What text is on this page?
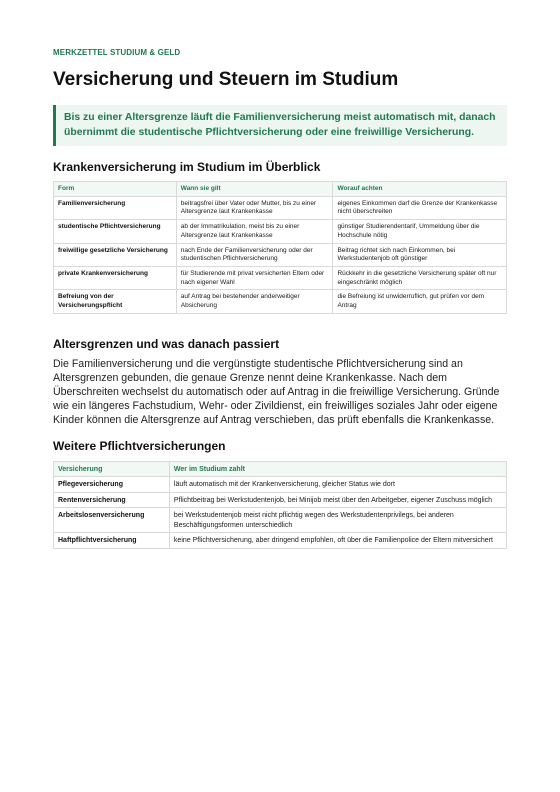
MERKZETTEL STUDIUM & GELD

Versicherung und Steuern im Studium

Bis zu einer Altersgrenze läuft die Familienversicherung meist automatisch mit, danach übernimmt die studentische Pflichtversicherung oder eine freiwillige Versicherung.

Krankenversicherung im Studium im Überblick
Form	Wann sie gilt	Worauf achten
Familienversicherung	beitragsfrei über Vater oder Mutter, bis zu einer Altersgrenze laut Krankenkasse	eigenes Einkommen darf die Grenze der Krankenkasse nicht überschreiten
studentische Pflichtversicherung	ab der Immatrikulation, meist bis zu einer Altersgrenze laut Krankenkasse	günstiger Studierendentarif, Ummeldung über die Hochschule nötig
freiwillige gesetzliche Versicherung	nach Ende der Familienversicherung oder der studentischen Pflichtversicherung	Beitrag richtet sich nach Einkommen, bei Werkstudentenjob oft günstiger
private Krankenversicherung	für Studierende mit privat versicherten Eltern oder nach eigener Wahl	Rückkehr in die gesetzliche Versicherung später oft nur eingeschränkt möglich
Befreiung von der Versicherungspflicht	auf Antrag bei bestehender anderweitiger Absicherung	die Befreiung ist unwiderruflich, gut prüfen vor dem Antrag
Altersgrenzen und was danach passiert

Die Familienversicherung und die vergünstigte studentische Pflichtversicherung sind an Altersgrenzen gebunden, die genaue Grenze nennt deine Krankenkasse. Nach dem Überschreiten wechselst du automatisch oder auf Antrag in die freiwillige Versicherung. Gründe wie ein längeres Fachstudium, Wehr- oder Zivildienst, ein freiwilliges soziales Jahr oder eigene Kinder können die Altersgrenze auf Antrag verschieben, das prüft ebenfalls die Krankenkasse.

Weitere Pflichtversicherungen
Versicherung	Wer im Studium zahlt
Pflegeversicherung	läuft automatisch mit der Krankenversicherung, gleicher Status wie dort
Rentenversicherung	Pflichtbeitrag bei Werkstudentenjob, bei Minijob meist über den Arbeitgeber, eigener Zuschuss möglich
Arbeitslosenversicherung	bei Werkstudentenjob meist nicht pflichtig wegen des Werkstudentenprivilegs, bei anderen Beschäftigungsformen unterschiedlich
Haftpflichtversicherung	keine Pflichtversicherung, aber dringend empfohlen, oft über die Familienpolice der Eltern mitversichert
